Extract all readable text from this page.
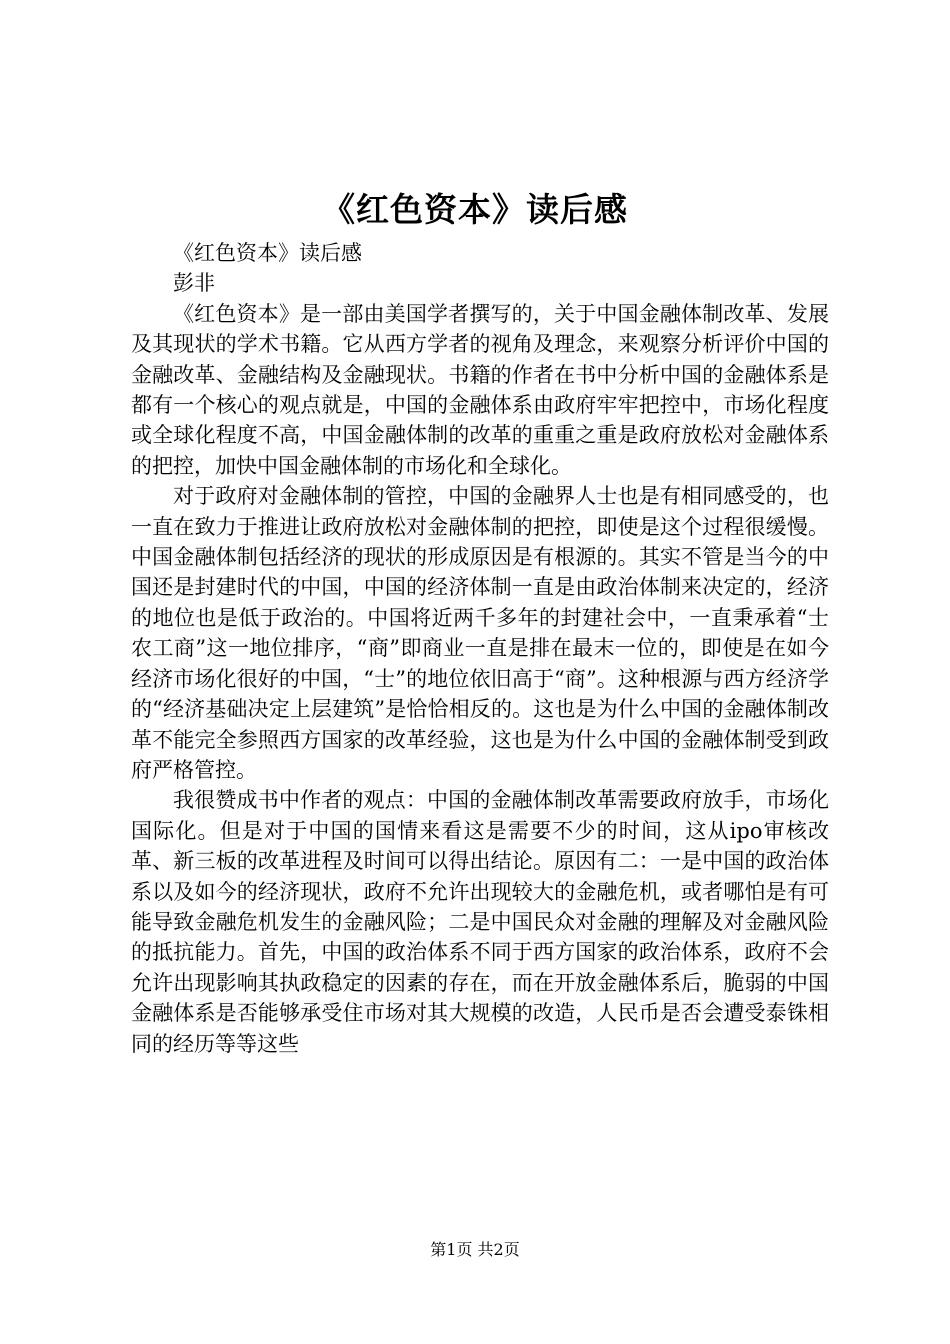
《红色资本》读后感

《红色资本》读后感

彭非

《红色资本》是一部由美国学者撰写的，关于中国金融体制改革、发展及其现状的学术书籍。它从西方学者的视角及理念，来观察分析评价中国的金融改革、金融结构及金融现状。书籍的作者在书中分析中国的金融体系是都有一个核心的观点就是，中国的金融体系由政府牢牢把控中，市场化程度或全球化程度不高，中国金融体制的改革的重重之重是政府放松对金融体系的把控，加快中国金融体制的市场化和全球化。

对于政府对金融体制的管控，中国的金融界人士也是有相同感受的，也一直在致力于推进让政府放松对金融体制的把控，即使是这个过程很缓慢。中国金融体制包括经济的现状的形成原因是有根源的。其实不管是当今的中国还是封建时代的中国，中国的经济体制一直是由政治体制来决定的，经济的地位也是低于政治的。中国将近两千多年的封建社会中，一直秉承着“士农工商”这一地位排序，“商”即商业一直是排在最末一位的，即使是在如今经济市场化很好的中国，“士”的地位依旧高于“商”。这种根源与西方经济学的“经济基础决定上层建筑”是恰恰相反的。这也是为什么中国的金融体制改革不能完全参照西方国家的改革经验，这也是为什么中国的金融体制受到政府严格管控。

我很赞成书中作者的观点：中国的金融体制改革需要政府放手，市场化国际化。但是对于中国的国情来看这是需要不少的时间，这从ipo审核改革、新三板的改革进程及时间可以得出结论。原因有二：一是中国的政治体系以及如今的经济现状，政府不允许出现较大的金融危机，或者哪怕是有可能导致金融危机发生的金融风险；二是中国民众对金融的理解及对金融风险的抵抗能力。首先，中国的政治体系不同于西方国家的政治体系，政府不会允许出现影响其执政稳定的因素的存在，而在开放金融体系后，脆弱的中国金融体系是否能够承受住市场对其大规模的改造，人民币是否会遭受泰铢相同的经历等等这些

第1页 共2页
